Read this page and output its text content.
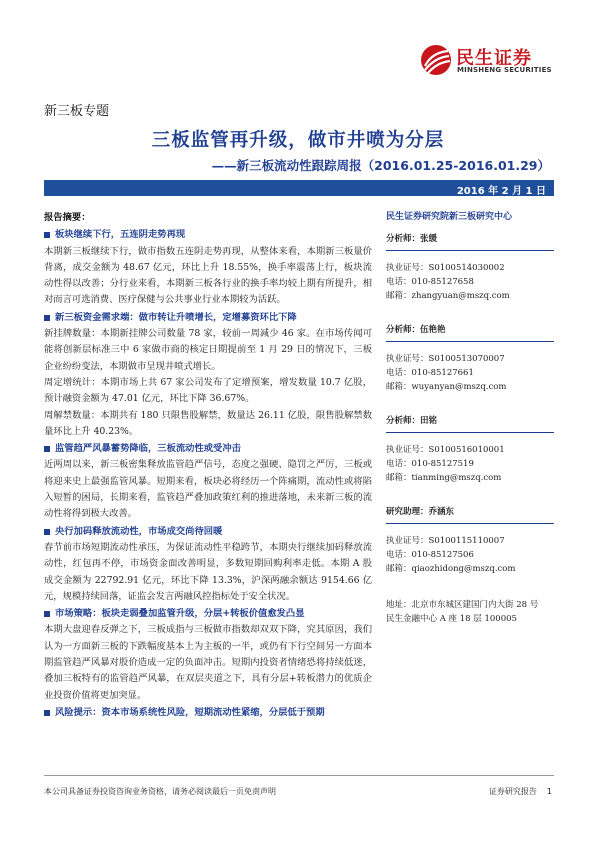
民生证券
MINSHENG SECURITIES
新三板专题
三板监管再升级，做市井喷为分层
——新三板流动性跟踪周报（2016.01.25-2016.01.29）
2016 年 2 月 1 日
报告摘要：
板块继续下行，五连阴走势再现

本期新三板继续下行，做市指数五连阴走势再现，从整体来看，本期新三板量价背离，成交金额为 48.67 亿元，环比上升 18.55%，换手率震荡上行，板块流动性得以改善；分行业来看，本期新三板各行业的换手率均较上期有所提升，相对而言可选消费、医疗保健与公共事业行业本期较为活跃。

新三板资金需求端：做市转让升喷增长，定增募资环比下降

新挂牌数量：本期新挂牌公司数量 78 家，较前一周减少 46 家。在市场传闻可能将创新层标准三中 6 家做市商的核定日期提前至 1 月 29 日的情况下，三板企业纷纷变法，本期做市呈现井喷式增长。

周定增统计：本期市场上共 67 家公司发布了定增预案，增发数量 10.7 亿股，预计融资金额为 47.01 亿元，环比下降 36.67%。

周解禁数量：本期共有 180 只限售股解禁，数量达 26.11 亿股，限售股解禁数量环比上升 40.23%。

监管趋严风暴蓄势降临，三板流动性或受冲击

近两周以来，新三板密集释放监管趋严信号，态度之强硬、隐罚之严厉，三板或将迎来史上最强监管风暴。短期来看，板块必将经历一个阵痛期，流动性或将陷入短暂的困局，长期来看，监管趋严叠加政策红利的推进落地，未来新三板的流动性将得到极大改善。

央行加码释放流动性，市场成交尚待回暖

春节前市场短期流动性承压，为保证流动性平稳跨节，本期央行继续加码释放流动性，红包再不停，市场资金面改善明显，多数短期回购利率走低。本期 A 股成交金额为 22792.91 亿元，环比下降 13.3%，沪深两融余额达 9154.66 亿元，规模持续回落，证监会发言两融风控指标处于安全状况。

市场策略：板块走弱叠加监管升级，分层+转板价值愈发凸显

本期大盘迎春反弹之下，三板成指与三板做市指数却双双下降，究其原因，我们认为一方面新三板的下跌幅度基本上为主板的一半，或仍有下行空间另一方面本期监管趋严风暴对股价造成一定的负面冲击。短期内投资者情绪恐将持续低迷，叠加三板特有的监管趋严风暴，在双层夹道之下，具有分层+转板潜力的优质企业投资价值将更加突显。

风险提示：资本市场系统性风险，短期流动性紧缩，分层低于预期
民生证券研究院新三板研究中心
分析师：张缓
执业证号：S0100514030002
电话：010-85127658
邮箱：zhangyuan@mszq.com
分析师：伍艳艳
执业证号：S0100513070007
电话：010-85127661
邮箱：wuyanyan@mszq.com
分析师：田铭
执业证号：S0100516010001
电话：010-85127519
邮箱：tianming@mszq.com
研究助理：乔涵东
执业证号：S0100115110007
电话：010-85127506
邮箱：qiaozhidong@mszq.com
地址：北京市东城区建国门内大街 28 号
民生金融中心 A 座 18 层 100005
本公司具备证券投资咨询业务资格，请务必阅读最后一页免责声明	证券研究报告 1
